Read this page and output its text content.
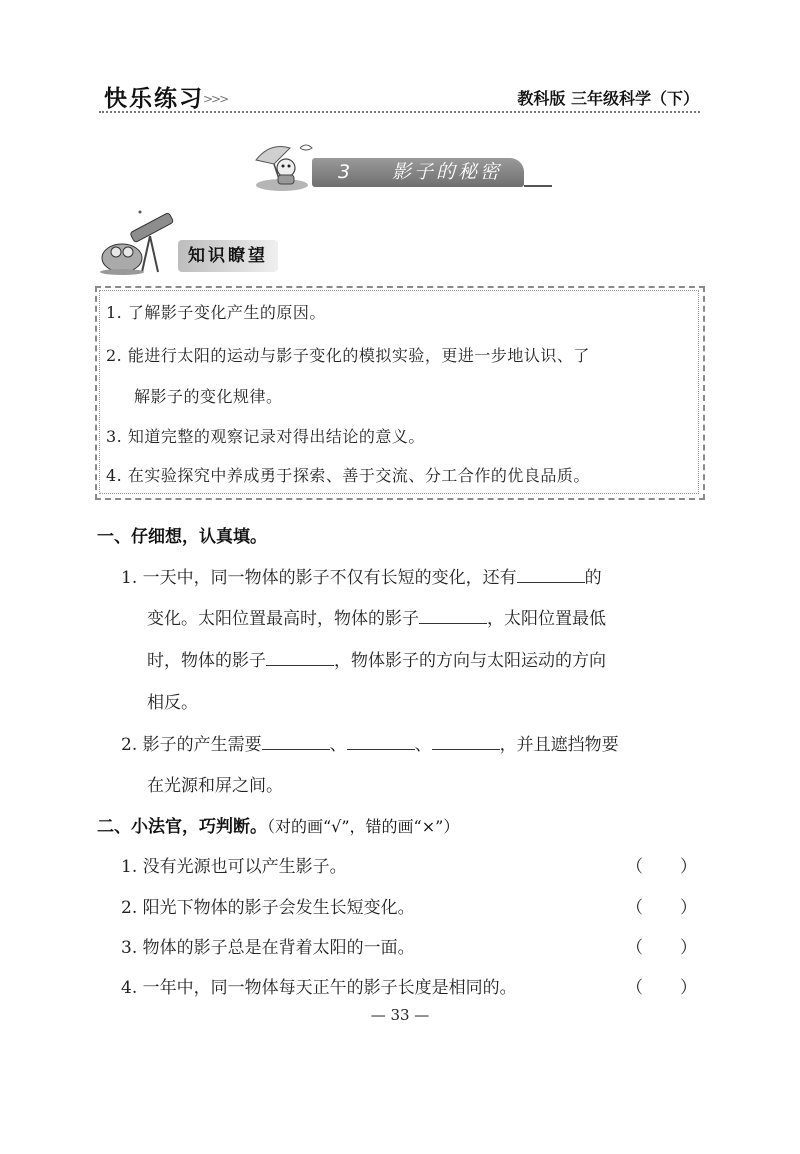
快乐练习 >>>	教科版 三年级科学（下）
3 影子的秘密
知识瞭望
1. 了解影子变化产生的原因。
2. 能进行太阳的运动与影子变化的模拟实验，更进一步地认识、了
解影子的变化规律。
3. 知道完整的观察记录对得出结论的意义。
4. 在实验探究中养成勇于探索、善于交流、分工合作的优良品质。
一、仔细想，认真填。
1. 一天中，同一物体的影子不仅有长短的变化，还有	的
变化。太阳位置最高时，物体的影子	，太阳位置最低
时，物体的影子	，物体影子的方向与太阳运动的方向
相反。
2. 影子的产生需要	、	、	，并且遮挡物要
在光源和屏之间。
二、小法官，巧判断。（对的画“√”，错的画“×”）
1. 没有光源也可以产生影子。	（ ）
2. 阳光下物体的影子会发生长短变化。	（ ）
3. 物体的影子总是在背着太阳的一面。	（ ）
4. 一年中，同一物体每天正午的影子长度是相同的。	（ ）
— 33 —
